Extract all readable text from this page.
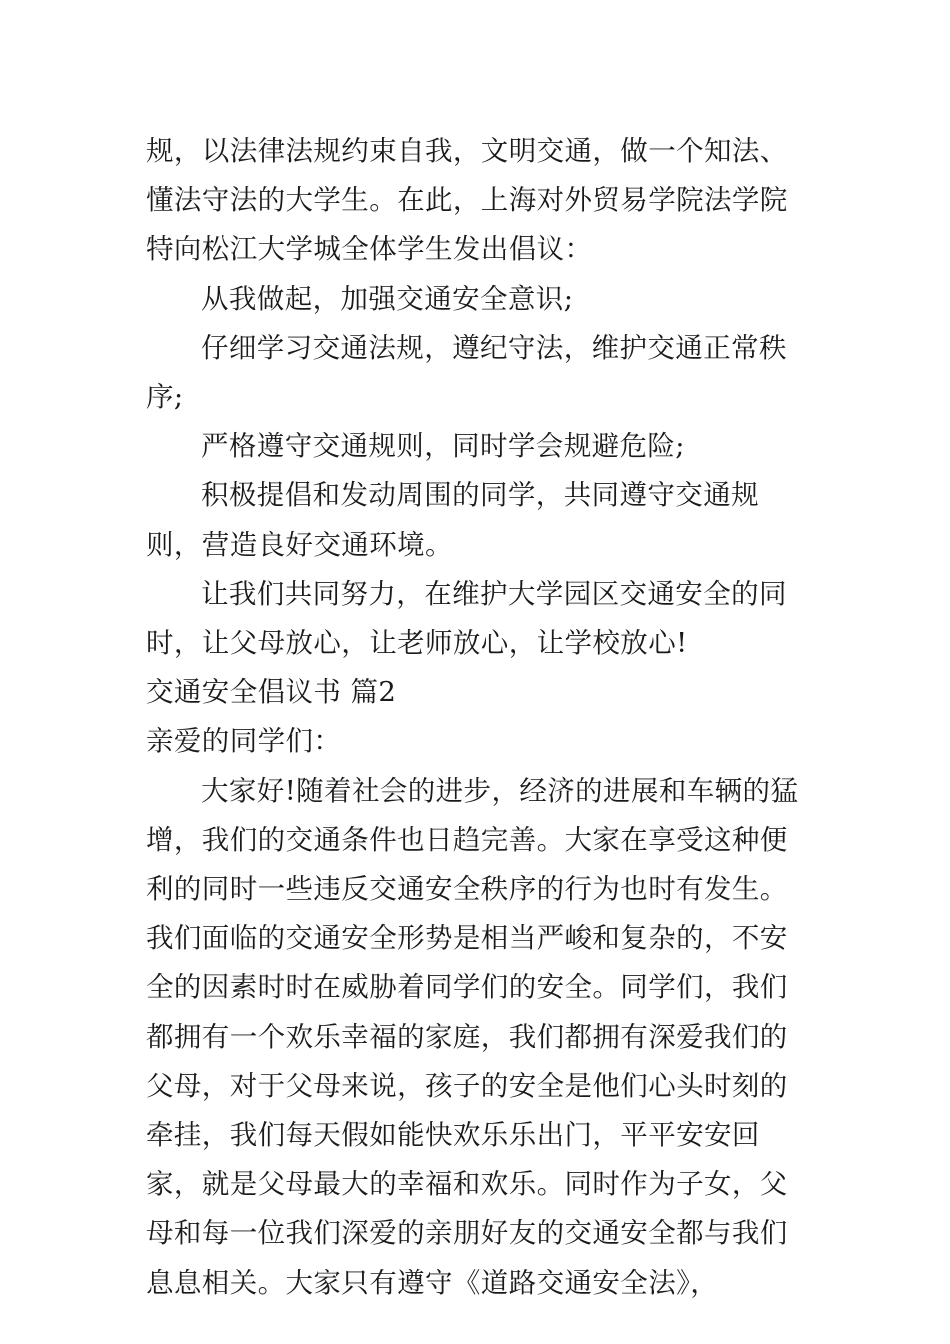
规，以法律法规约束自我，文明交通，做一个知法、懂法守法的大学生。在此，上海对外贸易学院法学院特向松江大学城全体学生发出倡议：

从我做起，加强交通安全意识;

仔细学习交通法规，遵纪守法，维护交通正常秩序;

严格遵守交通规则，同时学会规避危险;

积极提倡和发动周围的同学，共同遵守交通规则，营造良好交通环境。

让我们共同努力，在维护大学园区交通安全的同时，让父母放心，让老师放心，让学校放心!

交通安全倡议书 篇2

亲爱的同学们：

大家好!随着社会的进步，经济的进展和车辆的猛增，我们的交通条件也日趋完善。大家在享受这种便利的同时一些违反交通安全秩序的行为也时有发生。我们面临的交通安全形势是相当严峻和复杂的，不安全的因素时时在威胁着同学们的安全。同学们，我们都拥有一个欢乐幸福的家庭，我们都拥有深爱我们的父母，对于父母来说，孩子的安全是他们心头时刻的牵挂，我们每天假如能快欢乐乐出门，平平安安回家，就是父母最大的幸福和欢乐。同时作为子女，父母和每一位我们深爱的亲朋好友的交通安全都与我们息息相关。大家只有遵守《道路交通安全法》，
